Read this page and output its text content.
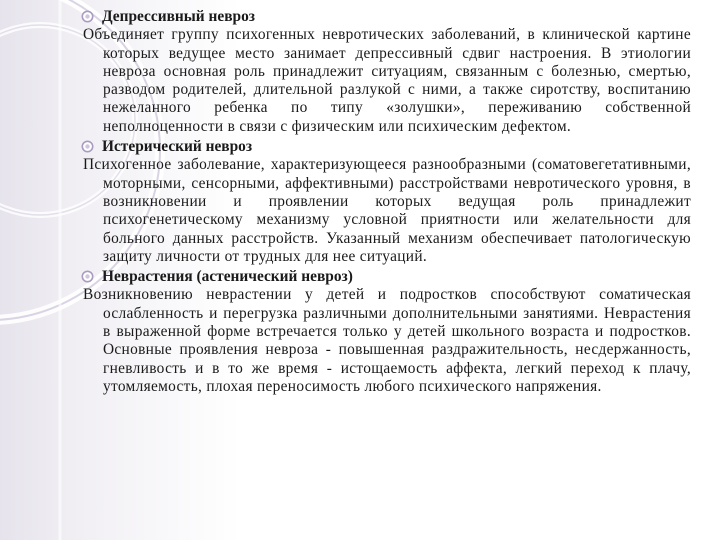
Депрессивный невроз

Объединяет группу психогенных невротических заболеваний, в клинической картине которых ведущее место занимает депрессивный сдвиг настроения. В этиологии невроза основная роль принадлежит ситуациям, связанным с болезнью, смертью, разводом родителей, длительной разлукой с ними, а также сиротству, воспитанию нежеланного ребенка по типу «золушки», переживанию собственной неполноценности в связи с физическим или психическим дефектом.

Истерический невроз

Психогенное заболевание, характеризующееся разнообразными (соматовегетативными, моторными, сенсорными, аффективными) расстройствами невротического уровня, в возникновении и проявлении которых ведущая роль принадлежит психогенетическому механизму условной приятности или желательности для больного данных расстройств. Указанный механизм обеспечивает патологическую защиту личности от трудных для нее ситуаций.

Неврастения (астенический невроз)

Возникновению неврастении у детей и подростков способствуют соматическая ослабленность и перегрузка различными дополнительными занятиями. Неврастения в выраженной форме встречается только у детей школьного возраста и подростков. Основные проявления невроза - повышенная раздражительность, несдержанность, гневливость и в то же время - истощаемость аффекта, легкий переход к плачу, утомляемость, плохая переносимость любого психического напряжения.
